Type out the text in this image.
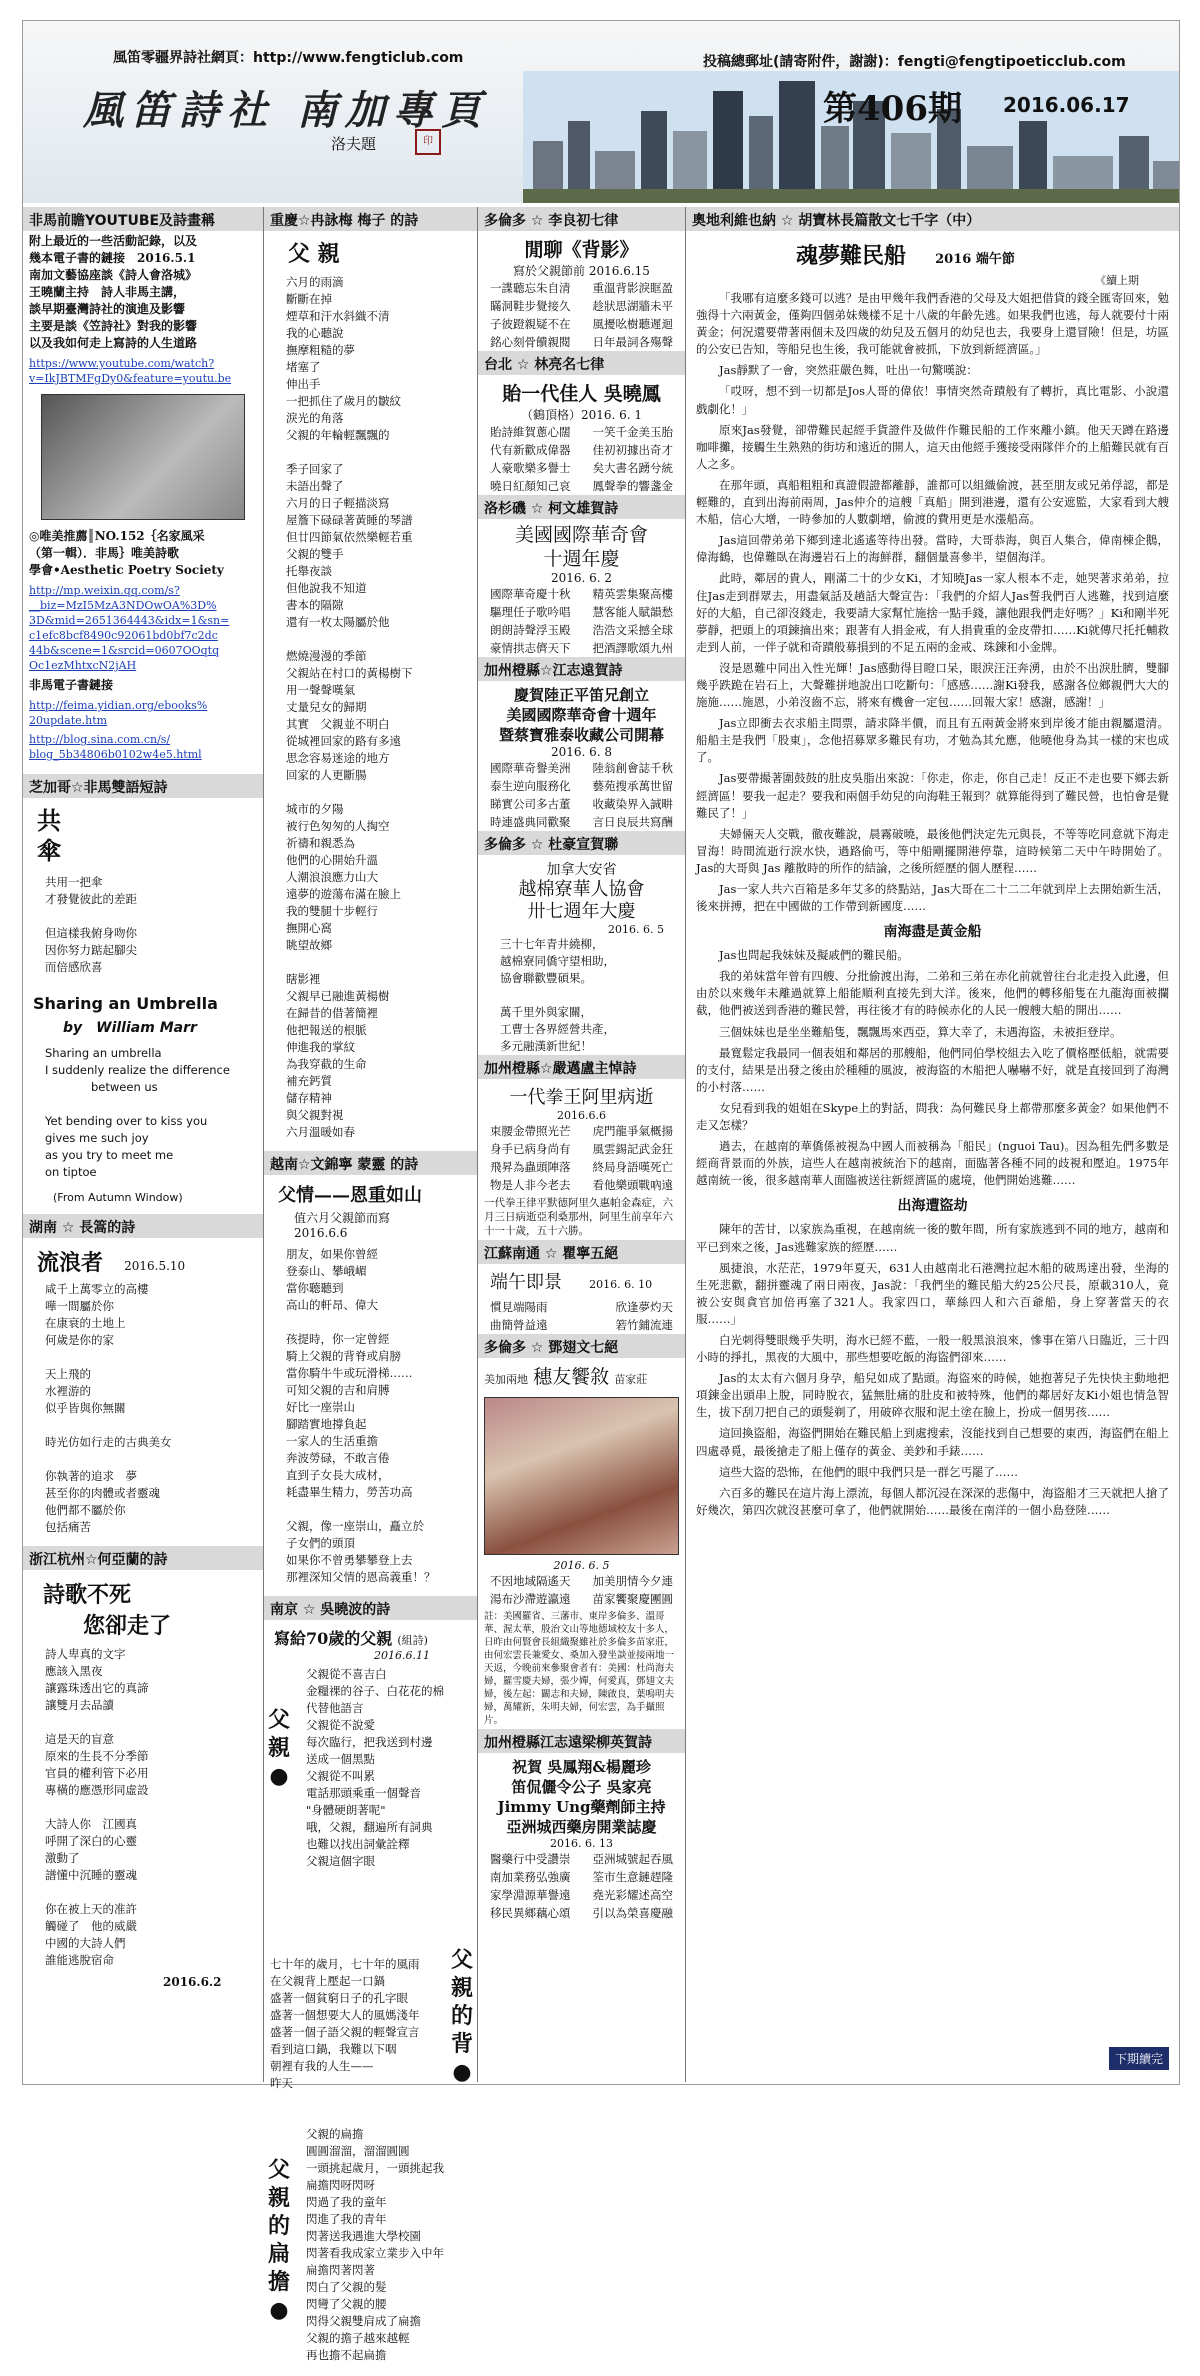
風笛零疆界詩社網頁：http://www.fengticlub.com	投稿總郵址(請寄附件，謝謝)：fengti@fengtipoeticclub.com
風笛詩社 南加專頁
洛夫題	印
第406期 2016.06.17
非馬前瞻YOUTUBE及詩畫稱
附上最近的一些活動記錄，以及
幾本電子書的鏈接　2016.5.1
南加文藝協座談《詩人會洛城》
王曉蘭主持　詩人非馬主講，
談早期臺灣詩社的演進及影響
主要是談《笠詩社》對我的影響
以及我如何走上寫詩的人生道路
https://www.youtube.com/watch?
v=IkJBTMFgDy0&feature=youtu.be
◎唯美推薦║NO.152｛名家風采
（第一輯）．非馬｝唯美詩歌
學會•Aesthetic Poetry Society
http://mp.weixin.qq.com/s?
__biz=MzI5MzA3NDOwOA%3D%
3D&mid=2651364443&idx=1&sn=
c1efc8bcf8490c92061bd0bf7c2dc
44b&scene=1&srcid=0607OOqtq
Oc1ezMhtxcN2jAH
非馬電子書鏈接
http://feima.yidian.org/ebooks%
20update.htm
http://blog.sina.com.cn/s/
blog_5b34806b0102w4e5.html
芝加哥☆非馬雙語短詩
共
傘
共用一把傘
才發覺彼此的差距

但這樣我俯身吻你
因你努力踮起腳尖
而倍感欣喜
Sharing an Umbrella
by　William Marr
Sharing an umbrella
I suddenly realize the difference
　　　　between us

Yet bending over to kiss you
gives me such joy
as you try to meet me
on tiptoe
(From Autumn Window)
湖南 ☆ 長篙的詩
流浪者 2016.5.10
咸千上萬零立的高樓
嘩一間屬於你
在康衰的土地上
何歲是你的家

天上飛的
水裡游的
似乎皆與你無關

時光仿如行走的古典美女

你執著的追求　夢
甚至你的肉體或者靈魂
他們都不屬於你
包括痛苦
浙江杭州☆何亞蘭的詩
詩歌不死
您卻走了
詩人卑真的文字
應該入黑夜
讓露珠透出它的真諦
讓雙月去品讀

這是天的盲意
原來的生長不分季節
官員的權利管下必用
專橫的應憑形同虛設

大詩人你　江國真
呼開了深白的心靈
激動了
譜懂中沉睡的靈魂

你在被上天的准許
觸碰了　他的威嚴
中國的大詩人們
誰能逃脫宿命
2016.6.2
重慶☆冉詠梅 梅子 的詩
父 親
六月的雨滴
斷斷在掉
煙草和汗水斜織不清
我的心聽說
撫摩粗糙的夢
堵塞了
伸出手
一把抓住了歲月的皺紋
淚光的角落
父親的年輪輕飄飄的

季子回家了
未語出聲了
六月的日子輕描淡寫
屋簷下碌碌著黃睡的琴譜
但廿四節氣依然樂輕若重
父親的雙手
托舉夜談
但他說我不知道
書本的隔隙
還有一枚太陽屬於他

燃燒漫漫的季節
父親站在村口的黃楊樹下
用一聲聲嘆氣
丈量兒女的歸期
其實　父親並不明白
從城裡回家的路有多遠
思念容易迷途的地方
回家的人更斷腸

城市的夕陽
被行色匆匆的人掏空
祈禱和親悉為
他們的心開始升溫
人潮浪浪應力山大
遠夢的遊蕩布滿在臉上
我的雙腿十步輕行
撫開心窩
眺望故鄉

瞎影裡
父親早已融進黃楊樹
在歸昔的借著簡裡
他把報送的根脈
伸進我的掌紋
為我穿截的生命
補充鈣質
儲存精神
與父親對視
六月溫暖如春
越南☆文錦寧 蒙靈 的詩
父情——恩重如山
值六月父親節而寫 2016.6.6
朋友，如果你曾經
登泰山、攀峨嵋
當你聽聽到
高山的軒昂、偉大

孩提時，你一定曾經
騎上父親的背脊或肩膀
當你騎牛牛或玩滑梯……
可知父親的吉和肩膊
好比一座崇山
腳踏實地撐負起
一家人的生活重擔
奔波勞碌，不敢言倦
直到子女長大成材，
耗盡畢生精力，勞苦功高

父親，像一座崇山，矗立於
子女們的頭頂
如果你不曾勇攀攀登上去
那裡深知父情的恩高義重！？
南京 ☆ 吳曉波的詩
寫給70歲的父親 (組詩)
2016.6.11
父
親●
父親從不喜吉白
金糧裸的谷子、白花花的棉
代替他語言
父親從不說愛
每次臨行，把我送到村邊
送成一個黑點
父親從不叫累
電話那頭乘重一個聲音
"身體硬朗著呢"
哦，父親，翻遍所有詞典
也難以找出詞彙詮釋
父親這個字眼
七十年的歲月，七十年的風雨
在父親背上壓起一口鍋
盛著一個貧窮日子的孔字眼
盛著一個想要大人的風媽淺年
盛著一個子語父親的輕聲宣言
看到這口鍋，我難以下咽
朝裡有我的人生——
昨天
父親的背●
父親的扁擔●
父親的扁擔
圓圓溜溜，溜溜圓圓
一頭挑起歲月，一頭挑起我
扁擔閃呀閃呀
閃過了我的童年
閃進了我的青年
閃著送我遇進大學校園
閃著看我成家立業步入中年
扁擔閃著閃著
閃白了父親的髮
閃彎了父親的腰
閃得父親雙肩成了扁擔
父親的擔子越來越輕
再也擔不起扁擔
多倫多 ☆ 李良初七律
閒聊《背影》
寫於父親節前 2016.6.15
一諜聽忘朱自清 重溫背影淚眶盈
瞞洞鞋步覺接久 趁狀思湖牆未平
子彼蹬親疑不在 風擾吆樹聽遲迴
銘心刻骨饋親閱 日年最詞各殤聲
台北 ☆ 林亮名七律
貽一代佳人 吳曉鳳
（鶴頂格）2016. 6. 1
貽詩維賀蔥心闊 一笑千金美玉胎
代有新歡成偉器 佳初初據出奇才
人豪歌樂多譽士 矣大書名踴兮統
曉日紅顏知己哀 鳳聲拳的響盞金
洛杉磯 ☆ 柯文雄賀詩
美國國際華奇會
十週年慶
2016. 6. 2
國際華奇慶十秋 精英雲集聚高樓
驅理任子歌吟唱 慧客能人賦韻愁
朗朗詩聲浮玉殿 浩浩文采撼全球
豪情拱志儕天下 把酒譯歌頌九州
加州橙縣☆江志遠賀詩
慶賀陸正平笛兄創立
美國國際華奇會十週年
暨蔡寶雅泰收藏公司開幕
2016. 6. 8
國際華奇譽美洲 陸翁創會誌千秋
泰生逆向服務化 藝苑搜承萬世留
睇實公司多古董 收藏染界入誠畊
時連盛典同歡聚 言日良辰共寫酬
多倫多 ☆ 杜豪宣賀聯
加拿大安省
越棉寮華人協會
卅七週年大慶
2016. 6. 5
三十七年青井繞柳，
越棉寮同僑守望相助，
協會聯歡豐碩果。

萬千里外與家關，
工曹士各界經營共產，
多元融漢新世紀！
加州橙縣☆嚴邁盧主悼詩
一代拳王阿里病逝
2016.6.6
束腰金帶照光芒 虎門龍爭氣概揚
身手已病身尚有 風雲錫記武金狂
飛昇為蟲頭陣落 終局身語嘆死亡
物是人非今老去 看他樂頭戰吶遠
一代拳王律平默德阿里久惠帕金森症，六月三日病逝亞利桑那州，阿里生前享年六十一十歲，五十六勝。
江蘇南通 ☆ 瞿寧五絕
端午即景 2016. 6. 10
慣見端陽雨	欣逢夢灼天
曲簡膋益遠	箬竹鋪流連
多倫多 ☆ 鄧翅文七絕
美加兩地 穗友饗敘 苗家莊
2016. 6. 5
不因地域隔遙天 加美朋情今夕連
湯布沙滯遊瀛遠 苗家饗聚慶團圓
註：美國羅省、三藩市、東岸多倫多、溫哥華、渥太華，殷治文山等地德域校友十多人，日昨由何賢會長組織聚雖社於多倫多苗家莊，由何宏雲長兼愛女、桑加入發坐談並接兩地一天返，今晚前來參聚會者有：美國：杜尚海夫婦，羅雪慶夫婦，張少嬋，何愛真，鄧翅文夫婦，後左起：闞志和夫婦，陳啟良，葉鳴明夫婦，萬耀新，朱明夫婦，何宏雲，為手攝照片。
加州橙縣江志遠梁柳英賀詩
祝賀 吳鳳翔&楊麗珍
笛侃儷令公子 吳家亮
Jimmy Ung藥劑師主持
亞洲城西藥房開業誌慶
2016. 6. 13
醫藥行中受讚崇 亞洲城號起吞風
南加業務弘強廣 筌市生意鏈趕隆
家學淵源華譽遠 堯光彩耀述高空
移民異鄉藕心頌 引以為榮喜慶融
奧地利維也納 ☆ 胡寶林長篇散文七千字（中）
魂夢難民船 2016 端午節
《續上期
「我哪有這麼多錢可以逃？是由甲幾年我們香港的父母及大姐把借貸的錢全匯寄回來，勉強得十六兩黃金，僅夠四個弟妹幾樣不足十八歲的年齡先逃。如果我們也逃，每人就要付十兩黃金；何況還要帶著兩個未及四歲的幼兒及五個月的幼兒也去，我要身上還冒險！但是，坊區的公安已告知，等船兒也生後，我可能就會被抓，下放到新經濟區。」
Jas靜默了一會，突然莊嚴色舞，吐出一句驚嘆說：
「哎呀，想不到一切都是Jos人哥的偉依！事情突然奇蹟般有了轉折，真比電影、小說還戲劇化！」
原來Jas發覺，卻帶難民起經手貨證件及做件作難民船的工作來離小鎮。他天天蹲在路邊咖啡攤，接觸生生熟熟的街坊和遠近的開人，這天由他經手獲接受兩隊伴介的上船難民就有百人之多。
在那年頭，真船粗粗和真證假證都離靜，誰都可以組織偷渡，甚至朋友或兄弟俘認，都是輕難的，直到出海前兩周，Jas仲介的這艘「真船」開到港邊，還有公安遮監，大家看到大艘木船，信心大增，一時參加的人數劇增，偷渡的費用更是水漲船高。
Jas這回帶弟弟下鄉到達北遙遙等待出發。當時，大哥恭海，與百人集合，偉南棟企鵝，偉海鶴，也偉難臥在海邊岩石上的海鮮群，翻個量喜參半，望個海洋。
此時，鄰居的貴人，剛滿二十的少女Ki，才知曉Jas一家人根本不走，她哭著求弟弟，拉住Jas走到群眾去，用盡氣話及趟話大聲宣告：「我們的介紹人Jas誓我們百人逃難，找到這麼好的大船，自己卻沒錢走，我要請大家幫忙施捨一點手錢，讓他跟我們走好嗎？」Ki和剛半死夢靜，把頭上的項鍊摘出來；跟著有人捐金戒，有人捐貴重的金皮帶扣……Ki就傳尺托托輔救走到人前，一伴子就和奇蹟般募損到的不足五兩的金戒、珠鍊和小金牌。
沒是恩難中同出入性光輝！Jas感動得目瞪口呆，眼淚汪汪奔湧，由於不出淚肚臍，雙腳幾乎跌跪在岩石上，大聲難拼地說出口吃斷句：「感感……謝Ki發我，感謝各位鄉親們大大的施施……施恩，小弟沒齒不忘，將來有機會一定包……回報大家！感謝，感謝！」
Jas立即衝去衣求船主問票，請求降半價，而且有五兩黃金將來到岸後才能由親屬還清。船船主是我們「股東」，念他招募眾多難民有功，才勉為其允應，他曉他身為其一樣的宋也成了。
Jas要帶撮著圍鼓鼓的肚皮吳脂出來說：「你走，你走，你自己走！反正不走也要下鄉去新經濟區！要我一起走？要我和兩個手幼兒的向海鞋王報到？就算能得到了難民營，也怕會是覺難民了！」
夫婦倆天人交戰，徹夜難說，晨霧破曉，最後他們決定先元與長，不等等吃同意就下海走冒海！時間流逝行淚水快，過路偷丐，等中船剛擺開港停靠，這時候第二天中午時開始了。Jas的大哥與 Jas 離散時的所作的結論，之後所經歷的個人歷程……
Jas一家人共六百箱是多年艾多的終點站，Jas大哥在二十二二年就到岸上去開始新生活，後來拼搏，把在中國做的工作帶到新國度……
南海盡是黃金船
Jas也問起我妹妹及擬戚們的難民船。
我的弟妹當年曾有四艘、分批偷渡出海，二弟和三弟在赤化前就曾往台北走投入此邊，但由於以來幾年未離過就算上船能順利直接先到大洋。後來，他們的轉移船隻在九龍海面被攔截，他們被送到香港的難民營，再往後才有的時候赤化的人民一艘艘大船的開出……
三個妹妹也是坐坐難船隻，飄飄馬來西亞，算大幸了，未遇海盜，未被拒登岸。
最寬鬆定我最同一個表姐和鄰居的那艘船，他們同伯學校組去入吃了價格壓低船，就需要的支付，結果是出發之後由於種種的風波，被海盜的木船把人嚇嚇不好，就是直接回到了海灣的小村落……
女兒看到我的姐姐在Skype上的對話，問我：為何難民身上都帶那麼多黃金？如果他們不走又怎樣？
過去，在越南的華僑係被視為中國人而被稱為「船民」(nguoi Tau)。因為租先們多數是經商背景而的外族，這些人在越南被統治下的越南，面臨著各種不同的歧視和壓迫。1975年越南統一後，很多越南華人面臨被送往新經濟區的處境，他們開始逃難……
出海遭盜劫
陳年的苦甘，以家族為重視，在越南統一後的數年間，所有家族逃到不同的地方，越南和平已到來之後，Jas逃難家族的經歷……
風捷浪，水茫茫，1979年夏天，631人由越南北石港灣拉起木船的破馬達出發，坐海的生死悲歡，翻拼靈魂了兩日兩夜，Jas說：「我們坐的難民船大約25公尺長，原載310人，竟被公安與貪官加倍再塞了321人。我家四口，華絲四人和六百爺船，身上穿著當天的衣服……」
白光刺得雙眼幾乎失明，海水已經不藍，一般一般黑浪浪來，慘事在第八日臨近，三十四小時的掙扎，黑夜的大風中，那些想要吃飯的海盜們卻來……
Jas的太太有六個月身孕，船兒如成了點頭。海盜來的時候，她抱著兒子先快快主動地把項鍊金出頭串上脫，同時脫衣，猛無肚痛的肚皮和被特殊，他們的鄰居好友Ki小姐也情急智生，拔下刮刀把自己的頭髮剃了，用破碎衣服和泥土塗在臉上，扮成一個男孩……
這回換盜船，海盜們開始在難民船上到處搜索，沒能找到自己想要的東西，海盜們在船上四處尋覓，最後搶走了船上僅存的黃金、美鈔和手錶……
這些大盜的恐怖，在他們的眼中我們只是一群乞丐罷了……
六百多的難民在這片海上漂流，每個人都沉浸在深深的悲傷中，海盜船才三天就把人搶了好幾次，第四次就沒甚麼可拿了，他們就開始……最後在南洋的一個小島登陸……
下期續完
